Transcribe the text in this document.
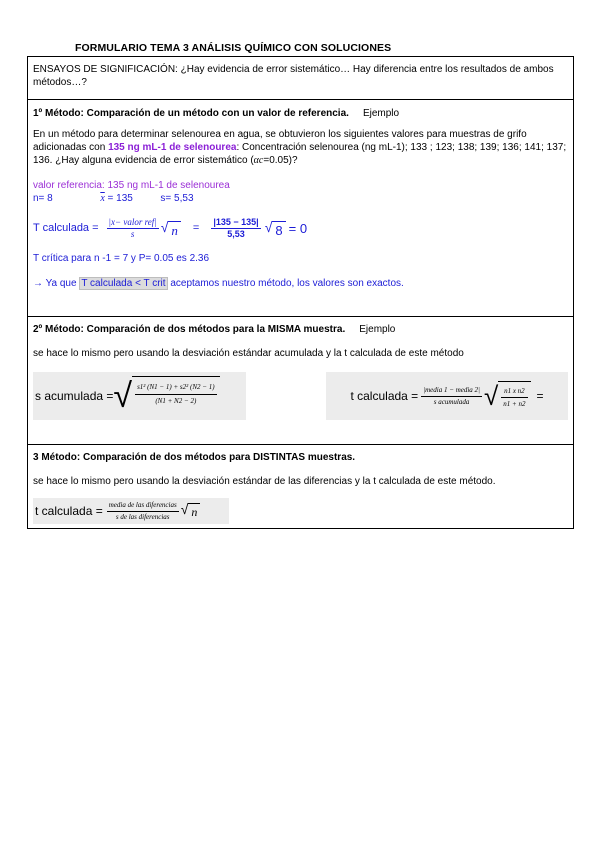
FORMULARIO TEMA 3 ANÁLISIS QUÍMICO CON SOLUCIONES

ENSAYOS DE SIGNIFICACIÓN: ¿Hay evidencia de error sistemático… Hay diferencia entre los resultados de ambos métodos…?

1º Método: Comparación de un método con un valor de referencia. Ejemplo

En un método para determinar selenourea en agua, se obtuvieron los siguientes valores para muestras de grifo adicionadas con 135 ng mL-1 de selenourea: Concentración selenourea (ng mL-1); 133 ; 123; 138; 139; 136; 141; 137; 136. ¿Hay alguna evidencia de error sistemático (αc=0.05)?

valor referencia: 135 ng mL-1 de selenourea

n= 8	$\overline{x} = 135$	s= 5,53

T calculada = $\frac{\text{|x− valor ref|}}{s}$ √ $n = \frac{|135 - 135|}{5,53}$ √ 8 = 0

T crítica para n -1 = 7 y P= 0.05 es 2.36

→ Ya que T calculada < T crit aceptamos nuestro método, los valores son exactos.

2º Método: Comparación de dos métodos para la MISMA muestra. Ejemplo

se hace lo mismo pero usando la desviación estándar acumulada y la t calculada de este método

s acumulada = √ $\frac{\text{s1² (N1 − 1) + s2² (N2 − 1)}}{(N1 + N2 - 2)}$	t calculada = $\frac{\text{|media 1 − media 2|}}{\text{s acumulada}}$ √ $\frac{\text{n1 x n2}}{n1 + n2}$ =

3 Método: Comparación de dos métodos para DISTINTAS muestras.

se hace lo mismo pero usando la desviación estándar de las diferencias y la t calculada de este método.

t calculada = $\frac{\text{media de las diferencias}}{\text{s de las diferencias}}$ √ n
